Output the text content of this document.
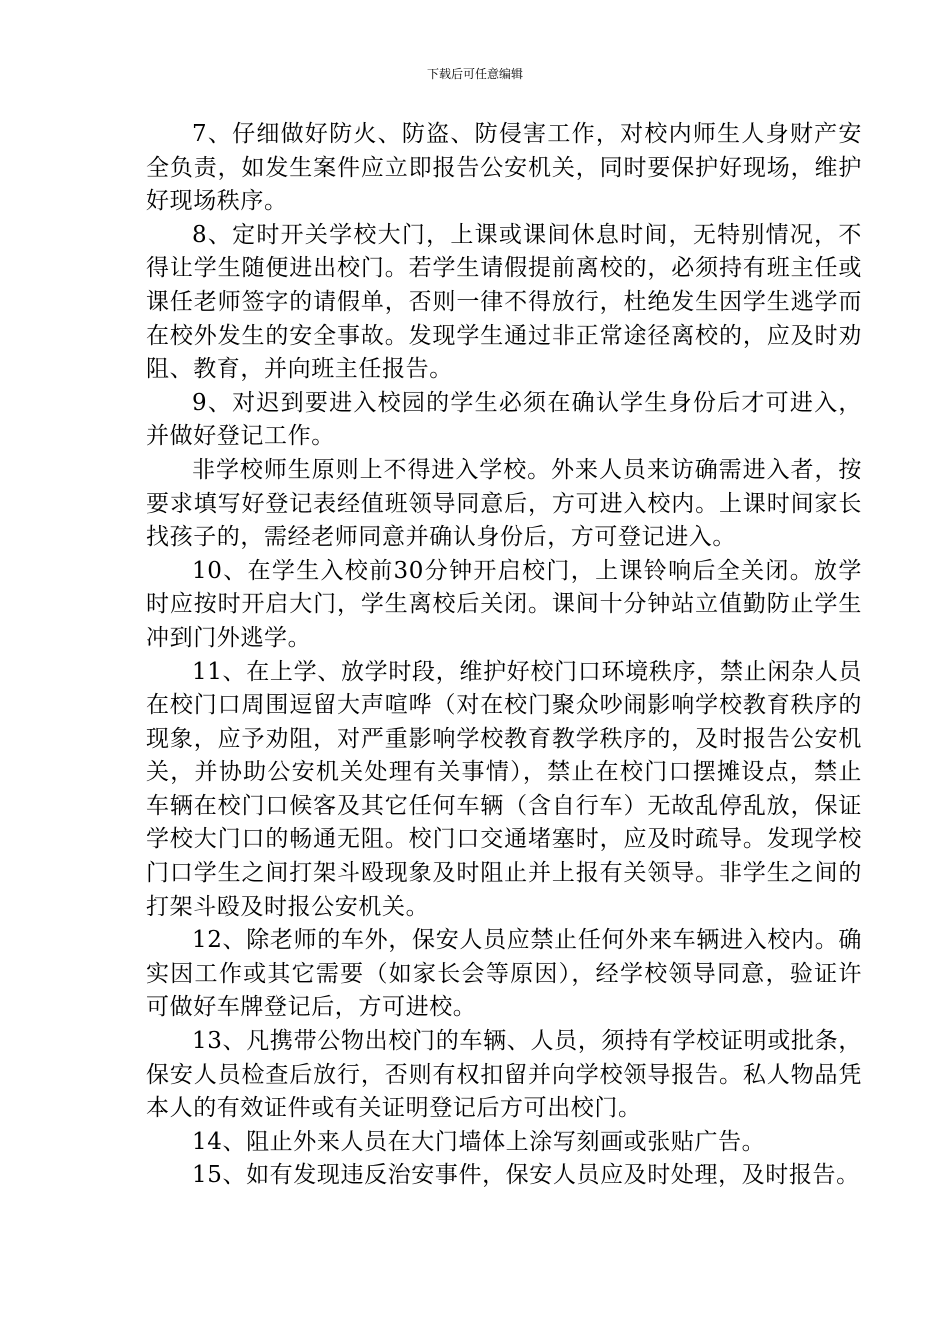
下载后可任意编辑

7、仔细做好防火、防盗、防侵害工作，对校内师生人身财产安全负责，如发生案件应立即报告公安机关，同时要保护好现场，维护好现场秩序。

8、定时开关学校大门，上课或课间休息时间，无特别情况，不得让学生随便进出校门。若学生请假提前离校的，必须持有班主任或课任老师签字的请假单，否则一律不得放行，杜绝发生因学生逃学而在校外发生的安全事故。发现学生通过非正常途径离校的，应及时劝阻、教育，并向班主任报告。

9、对迟到要进入校园的学生必须在确认学生身份后才可进入，并做好登记工作。

非学校师生原则上不得进入学校。外来人员来访确需进入者，按要求填写好登记表经值班领导同意后，方可进入校内。上课时间家长找孩子的，需经老师同意并确认身份后，方可登记进入。

10、在学生入校前30分钟开启校门，上课铃响后全关闭。放学时应按时开启大门，学生离校后关闭。课间十分钟站立值勤防止学生冲到门外逃学。

11、在上学、放学时段，维护好校门口环境秩序，禁止闲杂人员在校门口周围逗留大声喧哗（对在校门聚众吵闹影响学校教育秩序的现象，应予劝阻，对严重影响学校教育教学秩序的，及时报告公安机关，并协助公安机关处理有关事情），禁止在校门口摆摊设点，禁止车辆在校门口候客及其它任何车辆（含自行车）无故乱停乱放，保证学校大门口的畅通无阻。校门口交通堵塞时，应及时疏导。发现学校门口学生之间打架斗殴现象及时阻止并上报有关领导。非学生之间的打架斗殴及时报公安机关。

12、除老师的车外，保安人员应禁止任何外来车辆进入校内。确实因工作或其它需要（如家长会等原因），经学校领导同意，验证许可做好车牌登记后，方可进校。

13、凡携带公物出校门的车辆、人员，须持有学校证明或批条，保安人员检查后放行，否则有权扣留并向学校领导报告。私人物品凭本人的有效证件或有关证明登记后方可出校门。

14、阻止外来人员在大门墙体上涂写刻画或张贴广告。

15、如有发现违反治安事件，保安人员应及时处理，及时报告。
